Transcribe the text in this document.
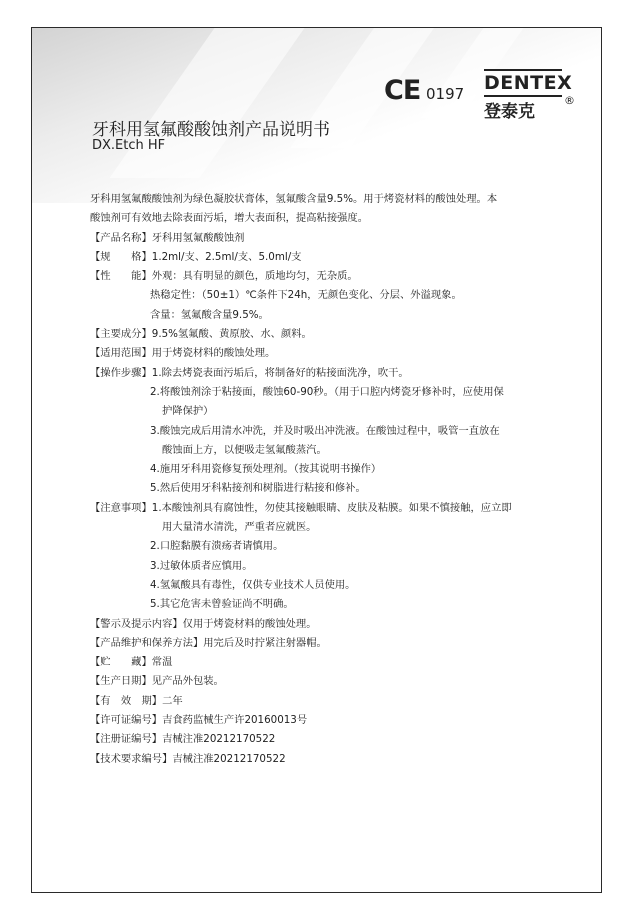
CE 0197 DENTEX
登泰克
®
牙科用氢氟酸酸蚀剂产品说明书
DX.Etch HF
牙科用氢氟酸酸蚀剂为绿色凝胶状膏体，氢氟酸含量9.5%。用于烤瓷材料的酸蚀处理。本
酸蚀剂可有效地去除表面污垢，增大表面积，提高粘接强度。
【产品名称】牙科用氢氟酸酸蚀剂
【规　　格】1.2ml/支、2.5ml/支、5.0ml/支
【性　　能】外观：具有明显的颜色，质地均匀，无杂质。
热稳定性：（50±1）℃条件下24h，无颜色变化、分层、外溢现象。
含量：氢氟酸含量9.5%。
【主要成分】9.5%氢氟酸、黄原胶、水、颜料。
【适用范围】用于烤瓷材料的酸蚀处理。
【操作步骤】1.除去烤瓷表面污垢后，将制备好的粘接面洗净，吹干。
2.将酸蚀剂涂于粘接面，酸蚀60-90秒。（用于口腔内烤瓷牙修补时，应使用保
护降保护）
3.酸蚀完成后用清水冲洗，并及时吸出冲洗液。在酸蚀过程中，吸管一直放在
酸蚀面上方，以便吸走氢氟酸蒸汽。
4.施用牙科用瓷修复预处理剂。（按其说明书操作）
5.然后使用牙科粘接剂和树脂进行粘接和修补。
【注意事项】1.本酸蚀剂具有腐蚀性，勿使其接触眼睛、皮肤及粘膜。如果不慎接触，应立即
用大量清水清洗，严重者应就医。
2.口腔黏膜有溃疡者请慎用。
3.过敏体质者应慎用。
4.氢氟酸具有毒性，仅供专业技术人员使用。
5.其它危害未曾验证尚不明确。
【警示及提示内容】仅用于烤瓷材料的酸蚀处理。
【产品维护和保养方法】用完后及时拧紧注射器帽。
【贮　　藏】常温
【生产日期】见产品外包装。
【有　效　期】二年
【许可证编号】吉食药监械生产许20160013号
【注册证编号】吉械注准20212170522
【技术要求编号】吉械注准20212170522
